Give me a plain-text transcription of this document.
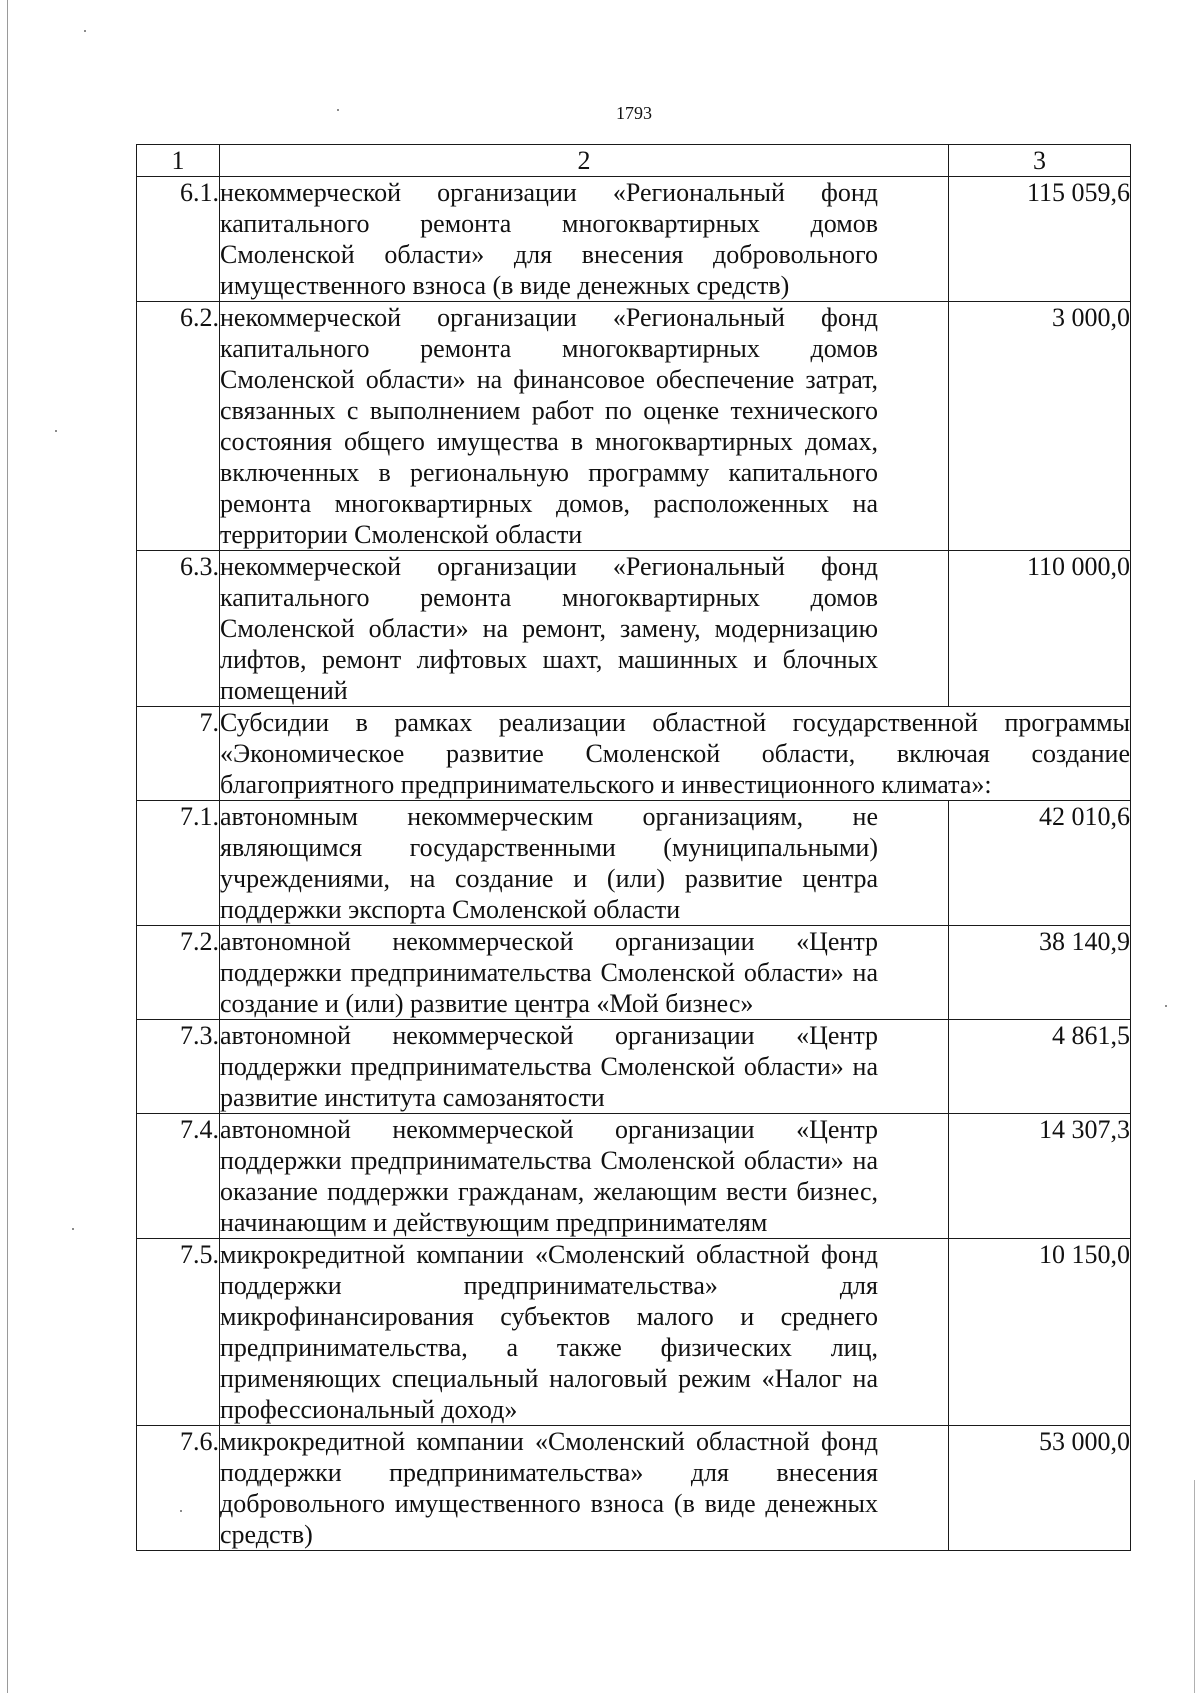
1793
1	2	3
6.1.	некоммерческой организации «Региональный фонд капитального ремонта многоквартирных домов Смоленской области» для внесения добровольного имущественного взноса (в виде денежных средств)	115 059,6
6.2.	некоммерческой организации «Региональный фонд капитального ремонта многоквартирных домов Смоленской области» на финансовое обеспечение затрат, связанных с выполнением работ по оценке технического состояния общего имущества в многоквартирных домах, включенных в региональную программу капитального ремонта многоквартирных домов, расположенных на территории Смоленской области	3 000,0
6.3.	некоммерческой организации «Региональный фонд капитального ремонта многоквартирных домов Смоленской области» на ремонт, замену, модернизацию лифтов, ремонт лифтовых шахт, машинных и блочных помещений	110 000,0
7.	Субсидии в рамках реализации областной государственной программы «Экономическое развитие Смоленской области, включая создание благоприятного предпринимательского и инвестиционного климата»:	

7.1.	автономным некоммерческим организациям, не являющимся государственными (муниципальными) учреждениями, на создание и (или) развитие центра поддержки экспорта Смоленской области	42 010,6
7.2.	автономной некоммерческой организации «Центр поддержки предпринимательства Смоленской области» на создание и (или) развитие центра «Мой бизнес»	38 140,9
7.3.	автономной некоммерческой организации «Центр поддержки предпринимательства Смоленской области» на развитие института самозанятости	4 861,5
7.4.	автономной некоммерческой организации «Центр поддержки предпринимательства Смоленской области» на оказание поддержки гражданам, желающим вести бизнес, начинающим и действующим предпринимателям	14 307,3
7.5.	микрокредитной компании «Смоленский областной фонд поддержки предпринимательства» для микрофинансирования субъектов малого и среднего предпринимательства, а также физических лиц, применяющих специальный налоговый режим «Налог на профессиональный доход»	10 150,0
7.6.	микрокредитной компании «Смоленский областной фонд поддержки предпринимательства» для внесения добровольного имущественного взноса (в виде денежных средств)	53 000,0
